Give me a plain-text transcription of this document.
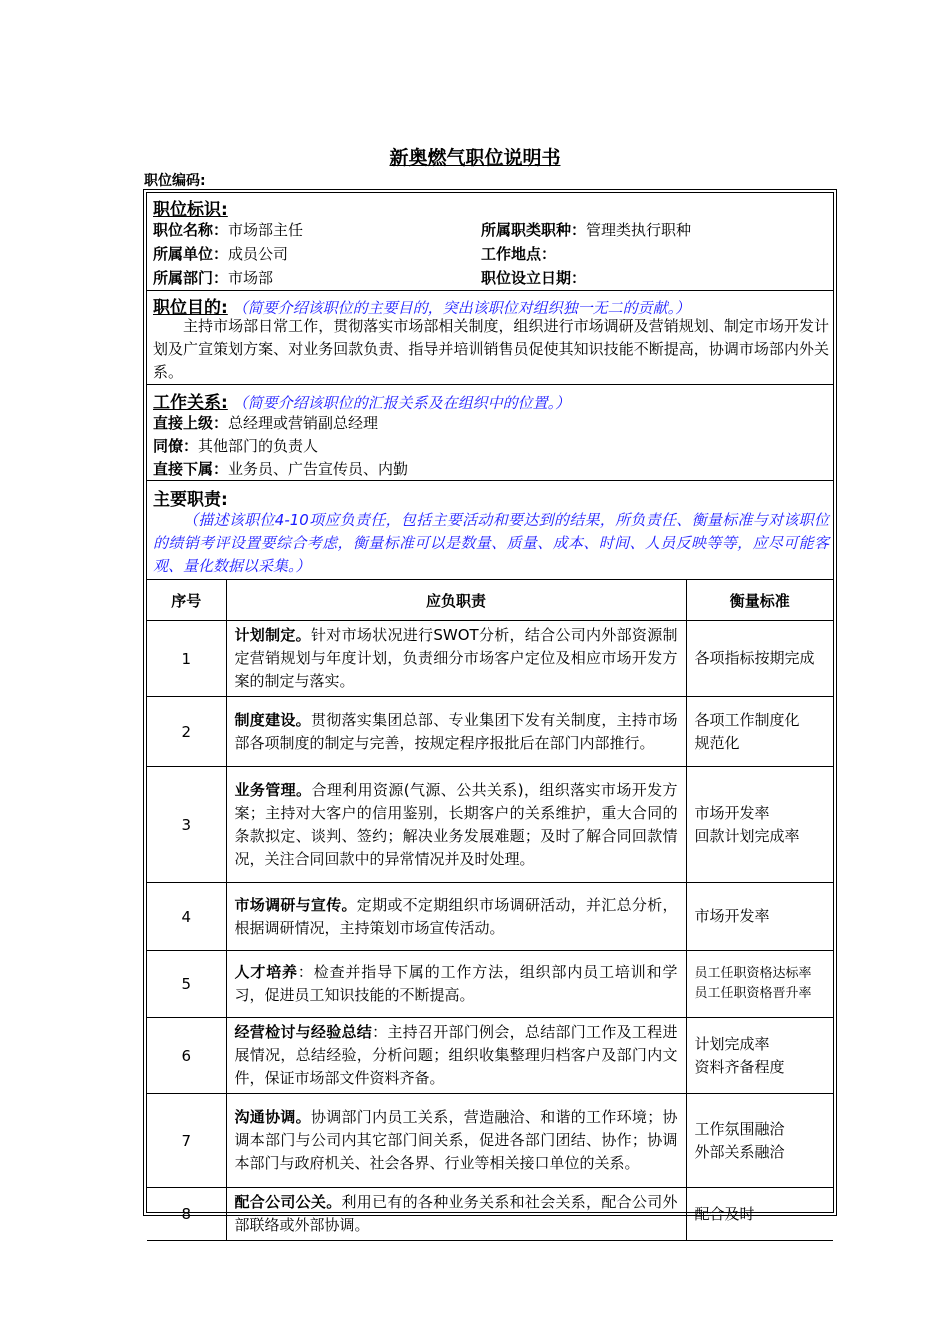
新奥燃气职位说明书
职位编码:
职位标识:
职位名称：市场部主任
所属单位：成员公司
所属部门：市场部
所属职类职种：管理类执行职种
工作地点：
职位设立日期：
职位目的: （简要介绍该职位的主要目的，突出该职位对组织独一无二的贡献。）
主持市场部日常工作，贯彻落实市场部相关制度，组织进行市场调研及营销规划、制定市场开发计划及广宣策划方案、对业务回款负责、指导并培训销售员促使其知识技能不断提高，协调市场部内外关系。
工作关系: （简要介绍该职位的汇报关系及在组织中的位置。）
直接上级：总经理或营销副总经理
同僚：其他部门的负责人
直接下属：业务员、广告宣传员、内勤
主要职责:
（描述该职位4-10项应负责任，包括主要活动和要达到的结果，所负责任、衡量标准与对该职位的绩销考评设置要综合考虑，衡量标准可以是数量、质量、成本、时间、人员反映等等，应尽可能客观、量化数据以采集。）
序号	应负职责	衡量标准
1	计划制定。针对市场状况进行SWOT分析，结合公司内外部资源制定营销规划与年度计划，负责细分市场客户定位及相应市场开发方案的制定与落实。	各项指标按期完成

2	制度建设。贯彻落实集团总部、专业集团下发有关制度，主持市场部各项制度的制定与完善，按规定程序报批后在部门内部推行。	各项工作制度化
规范化

3	业务管理。合理利用资源(气源、公共关系)，组织落实市场开发方案；主持对大客户的信用鉴别，长期客户的关系维护，重大合同的条款拟定、谈判、签约；解决业务发展难题；及时了解合同回款情况，关注合同回款中的异常情况并及时处理。	市场开发率
回款计划完成率

4	市场调研与宣传。定期或不定期组织市场调研活动，并汇总分析，根据调研情况，主持策划市场宣传活动。	市场开发率

5	人才培养：检查并指导下属的工作方法，组织部内员工培训和学习，促进员工知识技能的不断提高。	员工任职资格达标率
员工任职资格晋升率

6	经营检讨与经验总结：主持召开部门例会，总结部门工作及工程进展情况，总结经验，分析问题；组织收集整理归档客户及部门内文件，保证市场部文件资料齐备。	计划完成率
资料齐备程度

7	沟通协调。协调部门内员工关系，营造融洽、和谐的工作环境；协调本部门与公司内其它部门间关系，促进各部门团结、协作；协调本部门与政府机关、社会各界、行业等相关接口单位的关系。	工作氛围融洽
外部关系融洽

8	配合公司公关。利用已有的各种业务关系和社会关系，配合公司外部联络或外部协调。	配合及时
